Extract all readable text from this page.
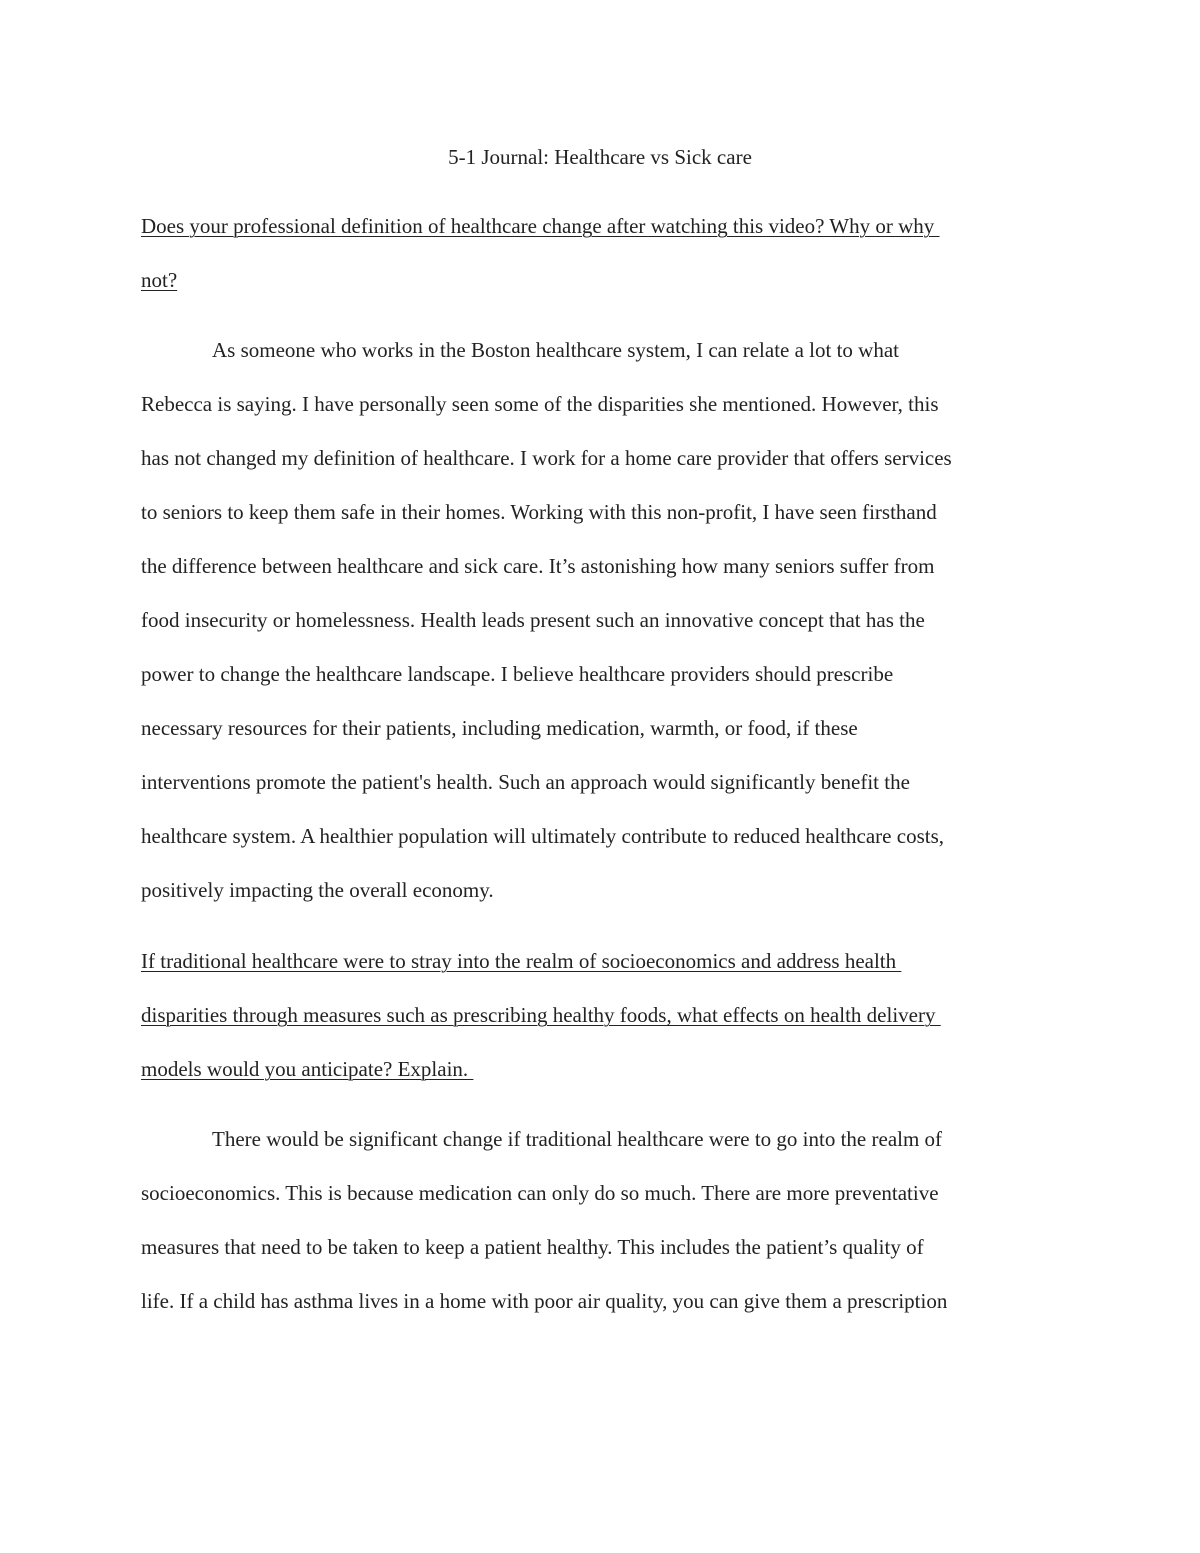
5-1 Journal: Healthcare vs Sick care

Does your professional definition of healthcare change after watching this video? Why or why

not?

As someone who works in the Boston healthcare system, I can relate a lot to what

Rebecca is saying. I have personally seen some of the disparities she mentioned. However, this

has not changed my definition of healthcare. I work for a home care provider that offers services

to seniors to keep them safe in their homes. Working with this non-profit, I have seen firsthand

the difference between healthcare and sick care. It’s astonishing how many seniors suffer from

food insecurity or homelessness. Health leads present such an innovative concept that has the

power to change the healthcare landscape. I believe healthcare providers should prescribe

necessary resources for their patients, including medication, warmth, or food, if these

interventions promote the patient's health. Such an approach would significantly benefit the

healthcare system. A healthier population will ultimately contribute to reduced healthcare costs,

positively impacting the overall economy.

If traditional healthcare were to stray into the realm of socioeconomics and address health

disparities through measures such as prescribing healthy foods, what effects on health delivery

models would you anticipate? Explain.

There would be significant change if traditional healthcare were to go into the realm of

socioeconomics. This is because medication can only do so much. There are more preventative

measures that need to be taken to keep a patient healthy. This includes the patient’s quality of

life. If a child has asthma lives in a home with poor air quality, you can give them a prescription
